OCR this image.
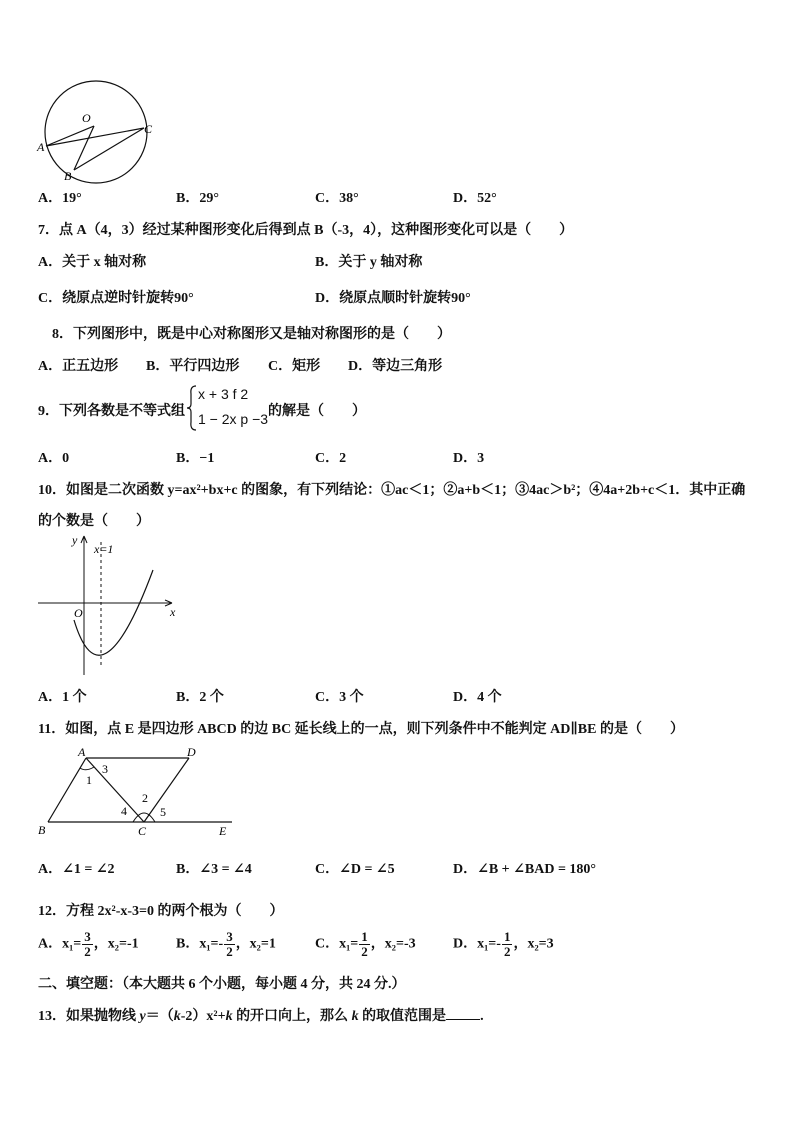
O
A
B
C
A．19°	B．29°	C．38°	D．52°
7．点 A（4，3）经过某种图形变化后得到点 B（-3，4），这种图形变化可以是（　　）
A．关于 x 轴对称	B．关于 y 轴对称
C．绕原点逆时针旋转90°	D．绕原点顺时针旋转90°
8．下列图形中，既是中心对称图形又是轴对称图形的是（　　）
A．正五边形 B．平行四边形 C．矩形 D．等边三角形
9．下列各数是不等式组
x + 3 f 2
1 − 2x p −3 的解是（　　）
A．0	B．−1	C．2	D．3
10．如图是二次函数 y=ax²+bx+c 的图象，有下列结论：①ac＜1；②a+b＜1；③4ac＞b²；④4a+2b+c＜1．其中正确
的个数是（　　）
y
x=1
O	x
A．1 个	B．2 个	C．3 个	D．4 个
11．如图，点 E 是四边形 ABCD 的边 BC 延长线上的一点，则下列条件中不能判定 AD∥BE 的是（　　）
A	D
B	C	E
1
2
3
4	5
A．∠1 = ∠2	B．∠3 = ∠4	C．∠D = ∠5	D．∠B + ∠BAD = 180°
12．方程 2x²-x-3=0 的两个根为（　　）
A．$x_1= \frac{3}{2}$ ，x₂=-1	B．$x_1=- \frac{3}{2}$ ，x₂=1	C．$x_1= \frac{1}{2}$ ，x₂=-3	D．$x_1=- \frac{1}{2}$ ，x₂=3
二、填空题：（本大题共 6 个小题，每小题 4 分，共 24 分.）
13．如果抛物线 y＝（k-2）x²+k 的开口向上，那么 k 的取值范围是 .
